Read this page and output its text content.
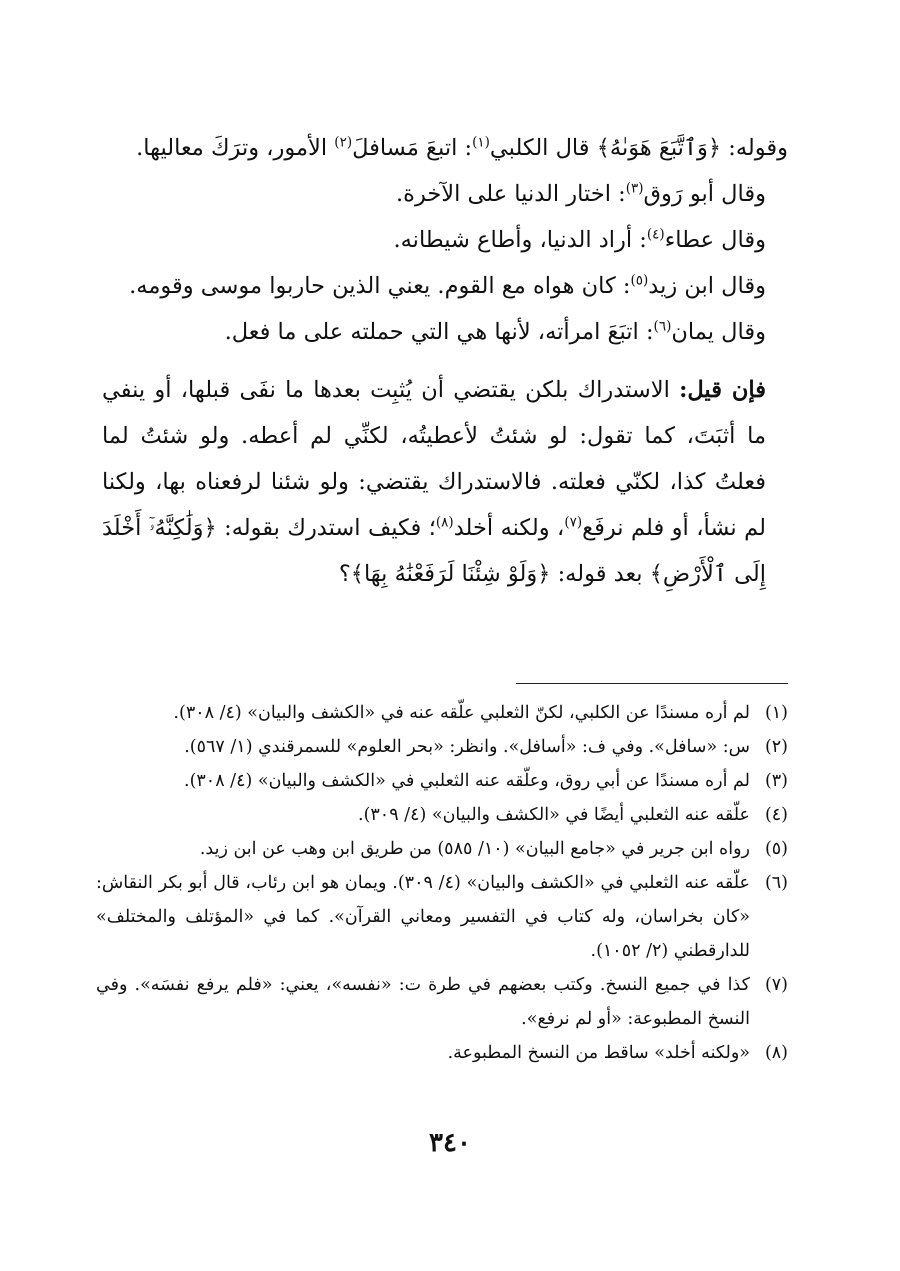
وقوله: ﴿وَٱتَّبَعَ هَوَىٰهُ﴾ قال الكلبي$^{(١)}$: اتبعَ مَسافلَ$^{(٢)}$ الأمور، وترَكَ معاليها.

وقال أبو رَوق$^{(٣)}$: اختار الدنيا على الآخرة.

وقال عطاء$^{(٤)}$: أراد الدنيا، وأطاع شيطانه.

وقال ابن زيد$^{(٥)}$: كان هواه مع القوم. يعني الذين حاربوا موسى وقومه.

وقال يمان$^{(٦)}$: اتبَعَ امرأته، لأنها هي التي حملته على ما فعل.

فإن قيل: الاستدراك بلكن يقتضي أن يُثبِت بعدها ما نفَى قبلها، أو ينفي ما أثبَتَ، كما تقول: لو شئتُ لأعطيتُه، لكنِّي لم أعطه. ولو شئتُ لما فعلتُ كذا، لكنّي فعلته. فالاستدراك يقتضي: ولو شئنا لرفعناه بها، ولكنا لم نشأ، أو فلم نرفَع$^{(٧)}$، ولكنه أخلد$^{(٨)}$؛ فكيف استدرك بقوله: ﴿وَلَٰكِنَّهُۥٓ أَخْلَدَ إِلَى ٱلْأَرْضِ﴾ بعد قوله: ﴿وَلَوْ شِئْنَا لَرَفَعْنَٰهُ بِهَا﴾؟

(١)
لم أره مسندًا عن الكلبي، لكنّ الثعلبي علّقه عنه في «الكشف والبيان» (٤/ ٣٠٨).

(٢)
س: «سافل». وفي ف: «أسافل». وانظر: «بحر العلوم» للسمرقندي (١/ ٥٦٧).

(٣)
لم أره مسندًا عن أبي روق، وعلّقه عنه الثعلبي في «الكشف والبيان» (٤/ ٣٠٨).

(٤)
علّقه عنه الثعلبي أيضًا في «الكشف والبيان» (٤/ ٣٠٩).

(٥)
رواه ابن جرير في «جامع البيان» (١٠/ ٥٨٥) من طريق ابن وهب عن ابن زيد.

(٦)
علّقه عنه الثعلبي في «الكشف والبيان» (٤/ ٣٠٩). ويمان هو ابن رئاب، قال أبو بكر النقاش: «كان بخراسان، وله كتاب في التفسير ومعاني القرآن». كما في «المؤتلف والمختلف» للدارقطني (٢/ ١٠٥٢).

(٧)
كذا في جميع النسخ. وكتب بعضهم في طرة ت: «نفسه»، يعني: «فلم يرفع نفسَه». وفي النسخ المطبوعة: «أو لم نرفع».

(٨)
«ولكنه أخلد» ساقط من النسخ المطبوعة.

٣٤٠
